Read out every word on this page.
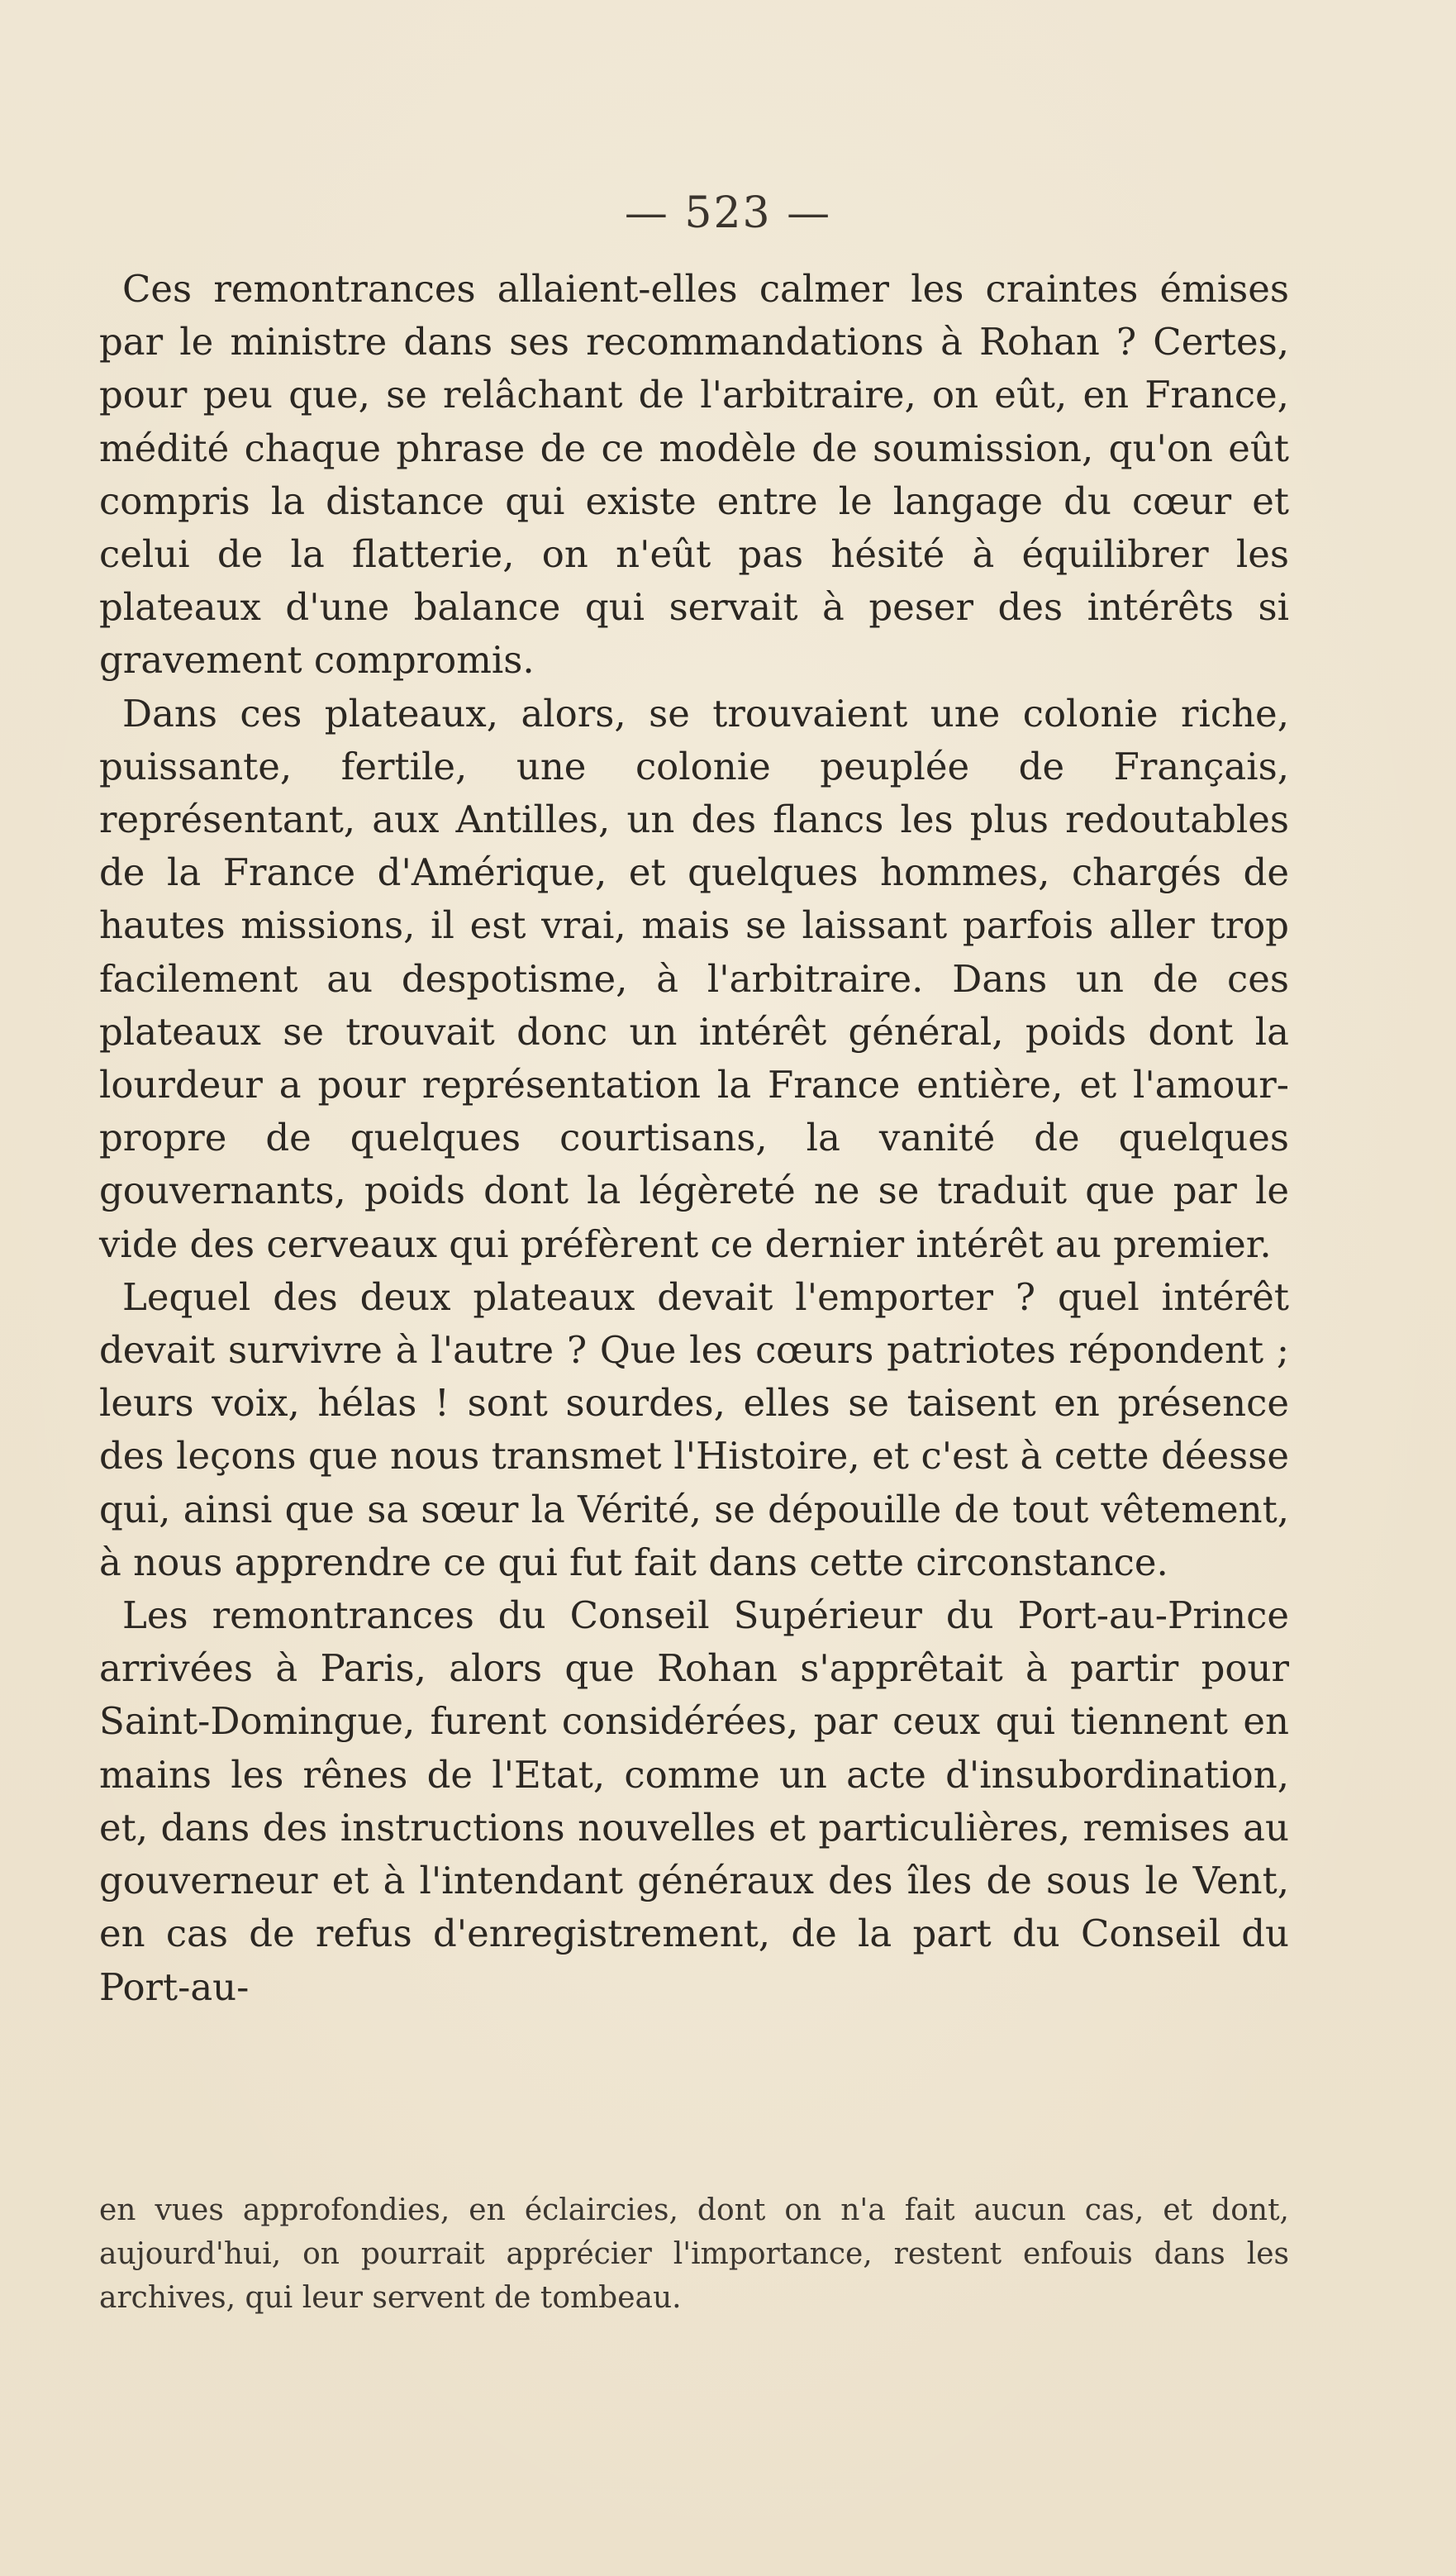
— 523 —

Ces remontrances allaient-elles calmer les craintes émises par le ministre dans ses recommandations à Rohan ? Certes, pour peu que, se relâchant de l'arbitraire, on eût, en France, médité chaque phrase de ce modèle de soumission, qu'on eût compris la distance qui existe entre le langage du cœur et celui de la flatterie, on n'eût pas hésité à équilibrer les plateaux d'une balance qui servait à peser des intérêts si gravement compromis.

Dans ces plateaux, alors, se trouvaient une colonie riche, puissante, fertile, une colonie peuplée de Français, représentant, aux Antilles, un des flancs les plus redoutables de la France d'Amérique, et quelques hommes, chargés de hautes missions, il est vrai, mais se laissant parfois aller trop facilement au despotisme, à l'arbitraire. Dans un de ces plateaux se trouvait donc un intérêt général, poids dont la lourdeur a pour représentation la France entière, et l'amour-propre de quelques courtisans, la vanité de quelques gouvernants, poids dont la légèreté ne se traduit que par le vide des cerveaux qui préfèrent ce dernier intérêt au premier.

Lequel des deux plateaux devait l'emporter ? quel intérêt devait survivre à l'autre ? Que les cœurs patriotes répondent ; leurs voix, hélas ! sont sourdes, elles se taisent en présence des leçons que nous transmet l'Histoire, et c'est à cette déesse qui, ainsi que sa sœur la Vérité, se dépouille de tout vêtement, à nous apprendre ce qui fut fait dans cette circonstance.

Les remontrances du Conseil Supérieur du Port-au-Prince arrivées à Paris, alors que Rohan s'apprêtait à partir pour Saint-Domingue, furent considérées, par ceux qui tiennent en mains les rênes de l'Etat, comme un acte d'insubordination, et, dans des instructions nouvelles et particulières, remises au gouverneur et à l'intendant généraux des îles de sous le Vent, en cas de refus d'enregistrement, de la part du Conseil du Port-au-

en vues approfondies, en éclaircies, dont on n'a fait aucun cas, et dont, aujourd'hui, on pourrait apprécier l'importance, restent enfouis dans les archives, qui leur servent de tombeau.
